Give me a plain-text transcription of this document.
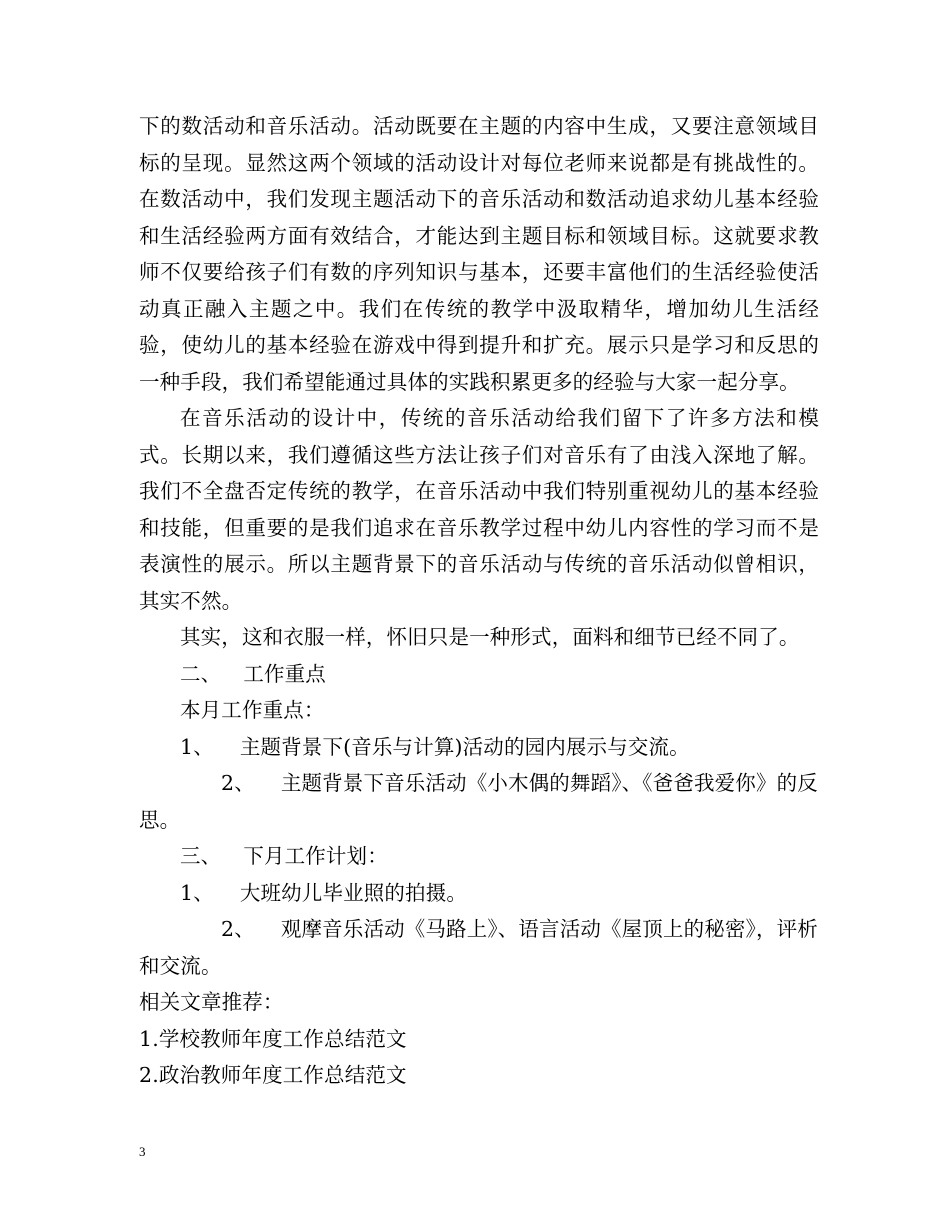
下的数活动和音乐活动。活动既要在主题的内容中生成，又要注意领域目标的呈现。显然这两个领域的活动设计对每位老师来说都是有挑战性的。在数活动中，我们发现主题活动下的音乐活动和数活动追求幼儿基本经验和生活经验两方面有效结合，才能达到主题目标和领域目标。这就要求教师不仅要给孩子们有数的序列知识与基本，还要丰富他们的生活经验使活动真正融入主题之中。我们在传统的教学中汲取精华，增加幼儿生活经验，使幼儿的基本经验在游戏中得到提升和扩充。展示只是学习和反思的一种手段，我们希望能通过具体的实践积累更多的经验与大家一起分享。

在音乐活动的设计中，传统的音乐活动给我们留下了许多方法和模式。长期以来，我们遵循这些方法让孩子们对音乐有了由浅入深地了解。我们不全盘否定传统的教学，在音乐活动中我们特别重视幼儿的基本经验和技能，但重要的是我们追求在音乐教学过程中幼儿内容性的学习而不是表演性的展示。所以主题背景下的音乐活动与传统的音乐活动似曾相识，其实不然。

其实，这和衣服一样，怀旧只是一种形式，面料和细节已经不同了。

二、 工作重点

本月工作重点：

1、 主题背景下(音乐与计算)活动的园内展示与交流。

2、 主题背景下音乐活动《小木偶的舞蹈》、《爸爸我爱你》的反思。

三、 下月工作计划：

1、 大班幼儿毕业照的拍摄。

2、 观摩音乐活动《马路上》、语言活动《屋顶上的秘密》，评析和交流。

相关文章推荐：

1.学校教师年度工作总结范文

2.政治教师年度工作总结范文

3
